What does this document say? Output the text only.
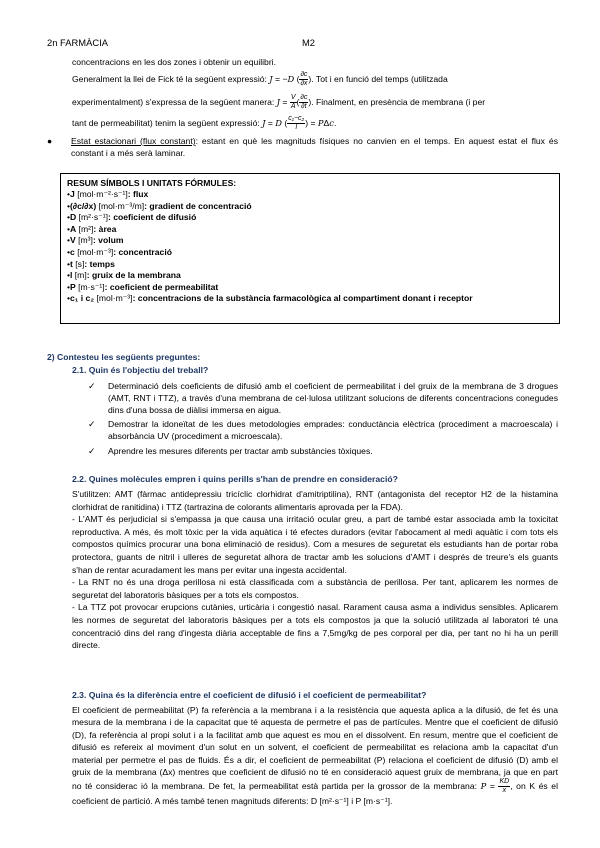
2n FARMÀCIA	M2
concentracions en les dos zones i obtenir un equilibri.
Generalment la llei de Fick té la següent expressió: J = −D ( $\frac{\partial c}{\partial x}$ ). Tot i en funció del temps (utilitzada
experimentalment) s'expressa de la següent manera: $J = \frac{V}{A}$ ( $\frac{\partial c}{\partial t}$ ). Finalment, en presència de membrana (i per
tant de permeabilitat) tenim la següent expressió: J = D ( $\frac{\text{c₁−c₂}}{l}$ ) = PΔc.
● Estat estacionari (flux constant): estant en què les magnituds físiques no canvien en el temps. En aquest estat el flux és constant i a més serà laminar.
RESUM SÍMBOLS I UNITATS FÓRMULES:
•J [mol·m⁻²·s⁻¹]: flux
•(∂c/∂x) [mol·m⁻³/m]: gradient de concentració
•D [m²·s⁻¹]: coeficient de difusió
•A [m²]: àrea
•V [m³]: volum
•c [mol·m⁻³]: concentració
•t [s]: temps
•l [m]: gruix de la membrana
•P [m·s⁻¹]: coeficient de permeabilitat
•c₁ i c₂ [mol·m⁻³]: concentracions de la substància farmacològica al compartiment donant i receptor
2) Contesteu les següents preguntes:
2.1. Quin és l'objectiu del treball?
✓ Determinació dels coeficients de difusió amb el coeficient de permeabilitat i del gruix de la membrana de 3 drogues (AMT, RNT i TTZ), a través d'una membrana de cel·lulosa utilitzant solucions de diferents concentracions conegudes dins d'una bossa de diàlisi immersa en aigua.
✓ Demostrar la idoneïtat de les dues metodologies emprades: conductància elèctrica (procediment a macroescala) i absorbància UV (procediment a microescala).
✓ Aprendre les mesures diferents per tractar amb substàncies tòxiques.
2.2. Quines molècules empren i quins perills s'han de prendre en consideració?

S'utilitzen: AMT (fàrmac antidepressiu tricíclic clorhidrat d'amitriptilina), RNT (antagonista del receptor H2 de la histamina clorhidrat de ranitidina) i TTZ (tartrazina de colorants alimentaris aprovada per la FDA).

- L'AMT és perjudicial si s'empassa ja que causa una irritació ocular greu, a part de també estar associada amb la toxicitat reproductiva. A més, és molt tòxic per la vida aquàtica i té efectes duradors (evitar l'abocament al medi aquàtic i com tots els compostos químics procurar una bona eliminació de residus). Com a mesures de seguretat els estudiants han de portar roba protectora, guants de nitril i ulleres de seguretat alhora de tractar amb les solucions d'AMT i després de treure's els guants s'han de rentar acuradament les mans per evitar una ingesta accidental.

- La RNT no és una droga perillosa ni està classificada com a substància de perillosa. Per tant, aplicarem les normes de seguretat del laboratoris bàsiques per a tots els compostos.

- La TTZ pot provocar erupcions cutànies, urticària i congestió nasal. Rarament causa asma a individus sensibles. Aplicarem les normes de seguretat del laboratoris bàsiques per a tots els compostos ja que la solució utilitzada al laboratori té una concentració dins del rang d'ingesta diària acceptable de fins a 7,5mg/kg de pes corporal per dia, per tant no hi ha un perill directe.

2.3. Quina és la diferència entre el coeficient de difusió i el coeficient de permeabilitat?
El coeficient de permeabilitat (P) fa referència a la membrana i a la resistència que aquesta aplica a la difusió, de fet és una mesura de la membrana i de la capacitat que té aquesta de permetre el pas de partícules. Mentre que el coeficient de difusió (D), fa referència al propi solut i a la facilitat amb que aquest es mou en el dissolvent. En resum, mentre que el coeficient de difusió es refereix al moviment d'un solut en un solvent, el coeficient de permeabilitat es relaciona amb la capacitat d'un material per permetre el pas de fluids. És a dir, el coeficient de permeabilitat (P) relaciona el coeficient de difusió (D) amb el gruix de la membrana (Δx) mentres que coeficient de difusió no té en consideració aquest gruix de membrana, ja que en part no té considerac ió la membrana. De fet, la permeabilitat està partida per la grossor de la membrana: $P = \frac{KD}{x}$ , on K és el coeficient de partició. A més també tenen magnituds diferents: D [m²·s⁻¹] i P [m·s⁻¹].
